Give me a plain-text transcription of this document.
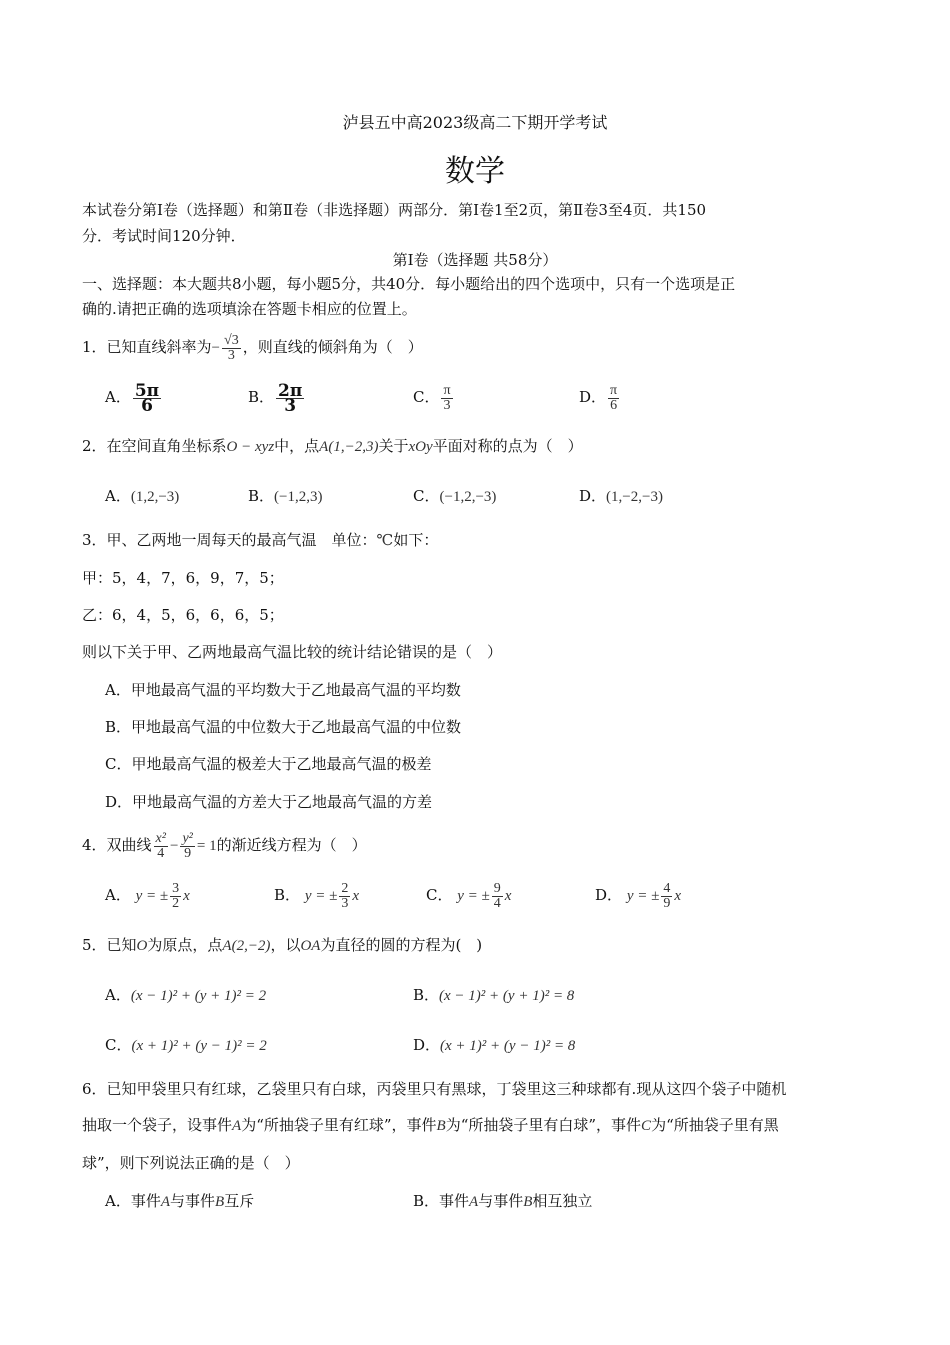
泸县五中高2023级高二下期开学考试
数学
本试卷分第Ⅰ卷（选择题）和第Ⅱ卷（非选择题）两部分．第Ⅰ卷1至2页，第Ⅱ卷3至4页．共150
分．考试时间120分钟．
第Ⅰ卷（选择题 共58分）
一、选择题：本大题共8小题，每小题5分，共40分．每小题给出的四个选项中，只有一个选项是正
确的.请把正确的选项填涂在答题卡相应的位置上。
1．已知直线斜率为− $\frac{√3}{3}$ ，则直线的倾斜角为（　）
A． $\frac{5\pi}{6}$	B． $\frac{2\pi}{3}$	C． $\frac{\pi}{3}$	D． $\frac{\pi}{6}$
2．在空间直角坐标系O − xyz中，点A(1,−2,3)关于xOy平面对称的点为（　）
A．(1,2,−3)	B．(−1,2,3)	C．(−1,2,−3)	D．(1,−2,−3)
3．甲、乙两地一周每天的最高气温　单位：℃如下：
甲：5，4，7，6，9，7，5；
乙：6，4，5，6，6，6，5；
则以下关于甲、乙两地最高气温比较的统计结论错误的是（　）
A．甲地最高气温的平均数大于乙地最高气温的平均数
B．甲地最高气温的中位数大于乙地最高气温的中位数
C．甲地最高气温的极差大于乙地最高气温的极差
D．甲地最高气温的方差大于乙地最高气温的方差
4．双曲线 $\frac{\text{x²}}{4} - \frac{\text{y²}}{9} = 1$的渐近线方程为（　）
A． y = ± $\frac{3}{2}$ x	B． y = ± $\frac{2}{3}$ x	C． y = ± $\frac{9}{4}$ x	D． y = ± $\frac{4}{9}$ x
5．已知O为原点，点A(2,−2)，以OA为直径的圆的方程为(　)
A．(x − 1)² + (y + 1)² = 2	B．(x − 1)² + (y + 1)² = 8
C．(x + 1)² + (y − 1)² = 2	D．(x + 1)² + (y − 1)² = 8
6．已知甲袋里只有红球，乙袋里只有白球，丙袋里只有黑球，丁袋里这三种球都有.现从这四个袋子中随机
抽取一个袋子，设事件A为“所抽袋子里有红球”，事件B为“所抽袋子里有白球”，事件C为“所抽袋子里有黑
球”，则下列说法正确的是（　）
A．事件A与事件B互斥	B．事件A与事件B相互独立
